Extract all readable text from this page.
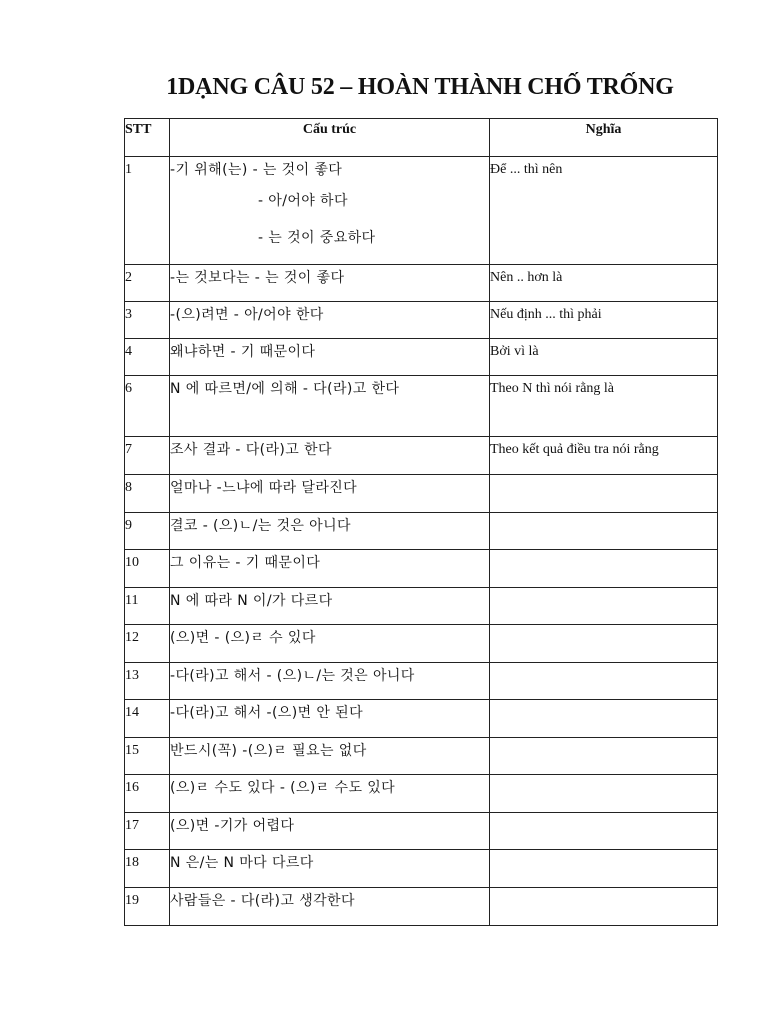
1DẠNG CÂU 52 – HOÀN THÀNH CHỐ TRỐNG
STT	Cấu trúc	Nghĩa

1	-기 위해(는) - 는 것이 좋다
- 아/어야 하다
- 는 것이 중요하다	Để ... thì nên
2	-는 것보다는 - 는 것이 좋다	Nên .. hơn là
3	-(으)려면 - 아/어야 한다	Nếu định ... thì phải
4	왜냐하면 - 기 때문이다	Bởi vì là
6	N 에 따르면/에 의해 - 다(라)고 한다	Theo N thì nói rằng là
7	조사 결과 - 다(라)고 한다	Theo kết quả điều tra nói rằng
8	얼마나 -느냐에 따라 달라진다	

9	결코 - (으)ㄴ/는 것은 아니다	

10	그 이유는 - 기 때문이다	

11	N 에 따라 N 이/가 다르다	

12	(으)면 - (으)ㄹ 수 있다	

13	-다(라)고 해서 - (으)ㄴ/는 것은 아니다	

14	-다(라)고 해서 -(으)면 안 된다	

15	반드시(꼭) -(으)ㄹ 필요는 없다	

16	(으)ㄹ 수도 있다 - (으)ㄹ 수도 있다	

17	(으)면 -기가 어렵다	

18	N 은/는 N 마다 다르다	

19	사람들은 - 다(라)고 생각한다	
